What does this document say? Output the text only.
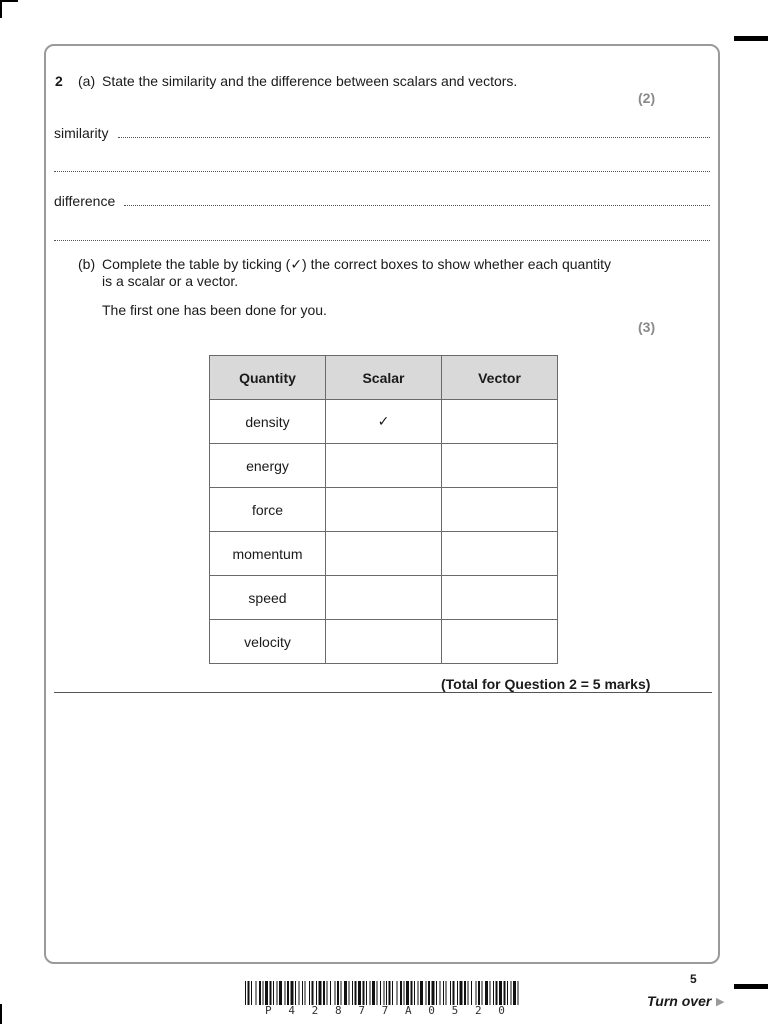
2 (a) State the similarity and the difference between scalars and vectors.
(2)
similarity
difference
(b) Complete the table by ticking (✓) the correct boxes to show whether each quantity
is a scalar or a vector.
The first one has been done for you.
(3)
Quantity	Scalar	Vector
density	✓	
energy		
force		
momentum		
speed		
velocity		
(Total for Question 2 = 5 marks)
5
Turn over ▶
P 4 2 8 7 7 A 0 5 2 0
